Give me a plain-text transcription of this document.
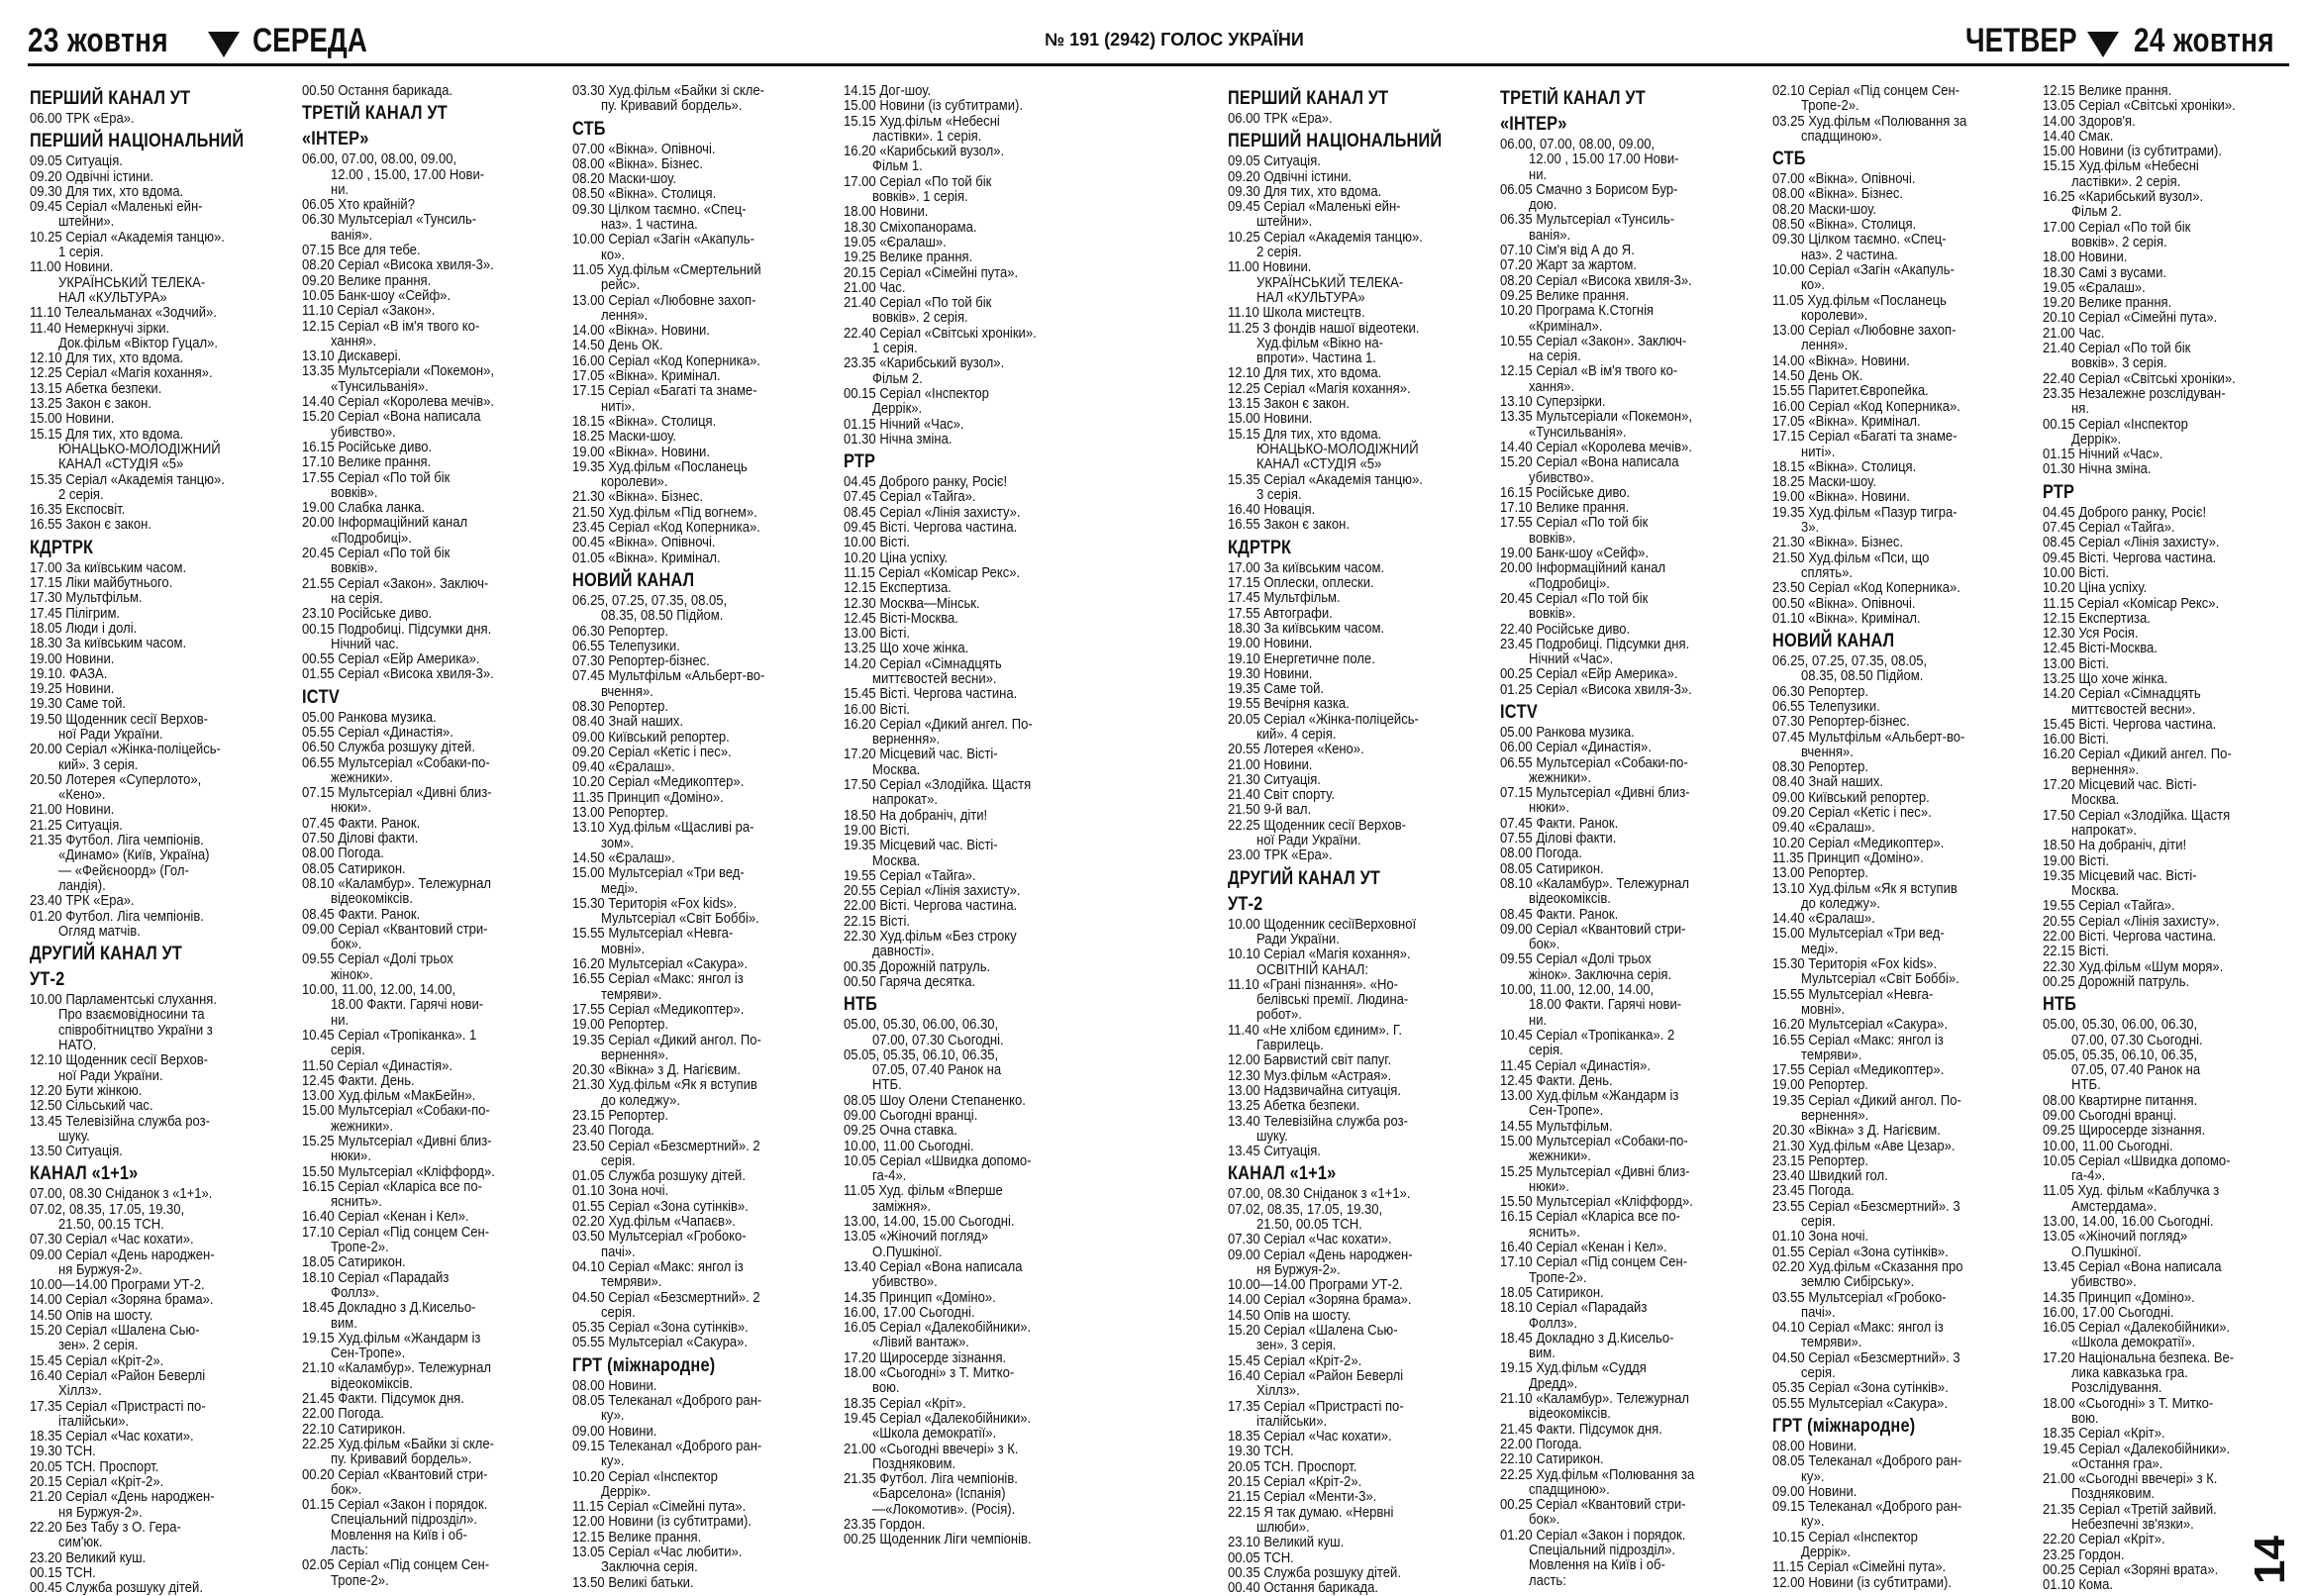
23 жовтня СЕРЕДА	№ 191 (2942) ГОЛОС УКРАЇНИ	ЧЕТВЕР 24 жовтня
ПЕРШИЙ КАНАЛ УТ
06.00 ТРК «Ера».
ПЕРШИЙ НАЦІОНАЛЬНИЙ
09.05 Ситуація.
09.20 Одвічні істини.
09.30 Для тих, хто вдома.
09.45 Серіал «Маленькі ейн-
штейни».
10.25 Серіал «Академія танцю».
1 серія.
11.00 Новини.
УКРАЇНСЬКИЙ ТЕЛЕКА-
НАЛ «КУЛЬТУРА»
11.10 Телеальманах «Зодчий».
11.40 Немеркнучі зірки.
Док.фільм «Віктор Гуцал».
12.10 Для тих, хто вдома.
12.25 Серіал «Магія кохання».
13.15 Абетка безпеки.
13.25 Закон є закон.
15.00 Новини.
15.15 Для тих, хто вдома.
ЮНАЦЬКО-МОЛОДІЖНИЙ
КАНАЛ «СТУДІЯ «5»
15.35 Серіал «Академія танцю».
2 серія.
16.35 Експосвіт.
16.55 Закон є закон.
КДРТРК
17.00 За київським часом.
17.15 Ліки майбутнього.
17.30 Мультфільм.
17.45 Пілігрим.
18.05 Люди і долі.
18.30 За київським часом.
19.00 Новини.
19.10. ФАЗА.
19.25 Новини.
19.30 Саме той.
19.50 Щоденник сесії Верхов-
ної Ради України.
20.00 Серіал «Жінка-поліцейсь-
кий». 3 серія.
20.50 Лотерея «Суперлото»,
«Кено».
21.00 Новини.
21.25 Ситуація.
21.35 Футбол. Ліга чемпіонів.
«Динамо» (Київ, Україна)
— «Фейєноорд» (Гол-
ландія).
23.40 ТРК «Ера».
01.20 Футбол. Ліга чемпіонів.
Огляд матчів.
ДРУГИЙ КАНАЛ УТ
УТ-2
10.00 Парламентські слухання.
Про взаємовідносини та
співробітництво України з
НАТО.
12.10 Щоденник сесії Верхов-
ної Ради України.
12.20 Бути жінкою.
12.50 Сільський час.
13.45 Телевізійна служба роз-
шуку.
13.50 Ситуація.
КАНАЛ «1+1»
07.00, 08.30 Сніданок з «1+1».
07.02, 08.35, 17.05, 19.30,
21.50, 00.15 ТСН.
07.30 Серіал «Час кохати».
09.00 Серіал «День народжен-
ня Буржуя-2».
10.00—14.00 Програми УТ-2.
14.00 Серіал «Зоряна брама».
14.50 Опів на шосту.
15.20 Серіал «Шалена Сью-
зен». 2 серія.
15.45 Серіал «Кріт-2».
16.40 Серіал «Район Беверлі
Хіллз».
17.35 Серіал «Пристрасті по-
італійськи».
18.35 Серіал «Час кохати».
19.30 ТСН.
20.05 ТСН. Проспорт.
20.15 Серіал «Кріт-2».
21.20 Серіал «День народжен-
ня Буржуя-2».
22.20 Без Табу з О. Гера-
сим'юк.
23.20 Великий куш.
00.15 ТСН.
00.45 Служба розшуку дітей.
00.50 Остання барикада.
ТРЕТІЙ КАНАЛ УТ
«ІНТЕР»
06.00, 07.00, 08.00, 09.00,
12.00 , 15.00, 17.00 Нови-
ни.
06.05 Хто крайній?
06.30 Мультсеріал «Тунсиль-
ванія».
07.15 Все для тебе.
08.20 Серіал «Висока хвиля-3».
09.20 Велике прання.
10.05 Банк-шоу «Сейф».
11.10 Серіал «Закон».
12.15 Серіал «В ім'я твого ко-
хання».
13.10 Дискавері.
13.35 Мультсеріали «Покемон»,
«Тунсильванія».
14.40 Серіал «Королева мечів».
15.20 Серіал «Вона написала
убивство».
16.15 Російське диво.
17.10 Велике прання.
17.55 Серіал «По той бік
вовків».
19.00 Слабка ланка.
20.00 Інформаційний канал
«Подробиці».
20.45 Серіал «По той бік
вовків».
21.55 Серіал «Закон». Заключ-
на серія.
23.10 Російське диво.
00.15 Подробиці. Підсумки дня.
Нічний час.
00.55 Серіал «Ейр Америка».
01.55 Серіал «Висока хвиля-3».
ICTV
05.00 Ранкова музика.
05.55 Серіал «Династія».
06.50 Служба розшуку дітей.
06.55 Мультсеріал «Собаки-по-
жежники».
07.15 Мультсеріал «Дивні близ-
нюки».
07.45 Факти. Ранок.
07.50 Ділові факти.
08.00 Погода.
08.05 Сатирикон.
08.10 «Каламбур». Тележурнал
відеокоміксів.
08.45 Факти. Ранок.
09.00 Серіал «Квантовий стри-
бок».
09.55 Серіал «Долі трьох
жінок».
10.00, 11.00, 12.00, 14.00,
18.00 Факти. Гарячі нови-
ни.
10.45 Серіал «Тропіканка». 1
серія.
11.50 Серіал «Династія».
12.45 Факти. День.
13.00 Худ.фільм «МакБейн».
15.00 Мультсеріал «Собаки-по-
жежники».
15.25 Мультсеріал «Дивні близ-
нюки».
15.50 Мультсеріал «Кліффорд».
16.15 Серіал «Кларіса все по-
яснить».
16.40 Серіал «Кенан і Кел».
17.10 Серіал «Під сонцем Сен-
Тропе-2».
18.05 Сатирикон.
18.10 Серіал «Парадайз
Фоллз».
18.45 Докладно з Д.Кисельо-
вим.
19.15 Худ.фільм «Жандарм із
Сен-Тропе».
21.10 «Каламбур». Тележурнал
відеокоміксів.
21.45 Факти. Підсумок дня.
22.00 Погода.
22.10 Сатирикон.
22.25 Худ.фільм «Байки зі скле-
пу. Кривавий бордель».
00.20 Серіал «Квантовий стри-
бок».
01.15 Серіал «Закон і порядок.
Спеціальний підрозділ».
Мовлення на Київ і об-
ласть:
02.05 Серіал «Під сонцем Сен-
Тропе-2».
03.30 Худ.фільм «Байки зі скле-
пу. Кривавий бордель».
СТБ
07.00 «Вікна». Опівночі.
08.00 «Вікна». Бізнес.
08.20 Маски-шоу.
08.50 «Вікна». Столиця.
09.30 Цілком таємно. «Спец-
наз». 1 частина.
10.00 Серіал «Загін «Акапуль-
ко».
11.05 Худ.фільм «Смертельний
рейс».
13.00 Серіал «Любовне захоп-
лення».
14.00 «Вікна». Новини.
14.50 День ОК.
16.00 Серіал «Код Коперника».
17.05 «Вікна». Кримінал.
17.15 Серіал «Багаті та знаме-
ниті».
18.15 «Вікна». Столиця.
18.25 Маски-шоу.
19.00 «Вікна». Новини.
19.35 Худ.фільм «Посланець
королеви».
21.30 «Вікна». Бізнес.
21.50 Худ.фільм «Під вогнем».
23.45 Серіал «Код Коперника».
00.45 «Вікна». Опівночі.
01.05 «Вікна». Кримінал.
НОВИЙ КАНАЛ
06.25, 07.25, 07.35, 08.05,
08.35, 08.50 Підйом.
06.30 Репортер.
06.55 Телепузики.
07.30 Репортер-бізнес.
07.45 Мультфільм «Альберт-во-
вчення».
08.30 Репортер.
08.40 Знай наших.
09.00 Київський репортер.
09.20 Серіал «Кетіс і пес».
09.40 «Єралаш».
10.20 Серіал «Медикоптер».
11.35 Принцип «Доміно».
13.00 Репортер.
13.10 Худ.фільм «Щасливі ра-
зом».
14.50 «Єралаш».
15.00 Мультсеріал «Три вед-
меді».
15.30 Територія «Fox kids».
Мультсеріал «Світ Боббі».
15.55 Мультсеріал «Невга-
мовні».
16.20 Мультсеріал «Сакура».
16.55 Серіал «Макс: янгол із
темряви».
17.55 Серіал «Медикоптер».
19.00 Репортер.
19.35 Серіал «Дикий ангол. По-
вернення».
20.30 «Вікна» з Д. Нагієвим.
21.30 Худ.фільм «Як я вступив
до коледжу».
23.15 Репортер.
23.40 Погода.
23.50 Серіал «Безсмертний». 2
серія.
01.05 Служба розшуку дітей.
01.10 Зона ночі.
01.55 Серіал «Зона сутінків».
02.20 Худ.фільм «Чапаєв».
03.50 Мультсеріал «Гробоко-
пачі».
04.10 Серіал «Макс: янгол із
темряви».
04.50 Серіал «Безсмертний». 2
серія.
05.35 Серіал «Зона сутінків».
05.55 Мультсеріал «Сакура».
ГРТ (міжнародне)
08.00 Новини.
08.05 Телеканал «Доброго ран-
ку».
09.00 Новини.
09.15 Телеканал «Доброго ран-
ку».
10.20 Серіал «Інспектор
Деррік».
11.15 Серіал «Сімейні пута».
12.00 Новини (із субтитрами).
12.15 Велике прання.
13.05 Серіал «Час любити».
Заключна серія.
13.50 Великі батьки.
14.15 Дог-шоу.
15.00 Новини (із субтитрами).
15.15 Худ.фільм «Небесні
ластівки». 1 серія.
16.20 «Карибський вузол».
Фільм 1.
17.00 Серіал «По той бік
вовків». 1 серія.
18.00 Новини.
18.30 Сміхопанорама.
19.05 «Єралаш».
19.25 Велике прання.
20.15 Серіал «Сімейні пута».
21.00 Час.
21.40 Серіал «По той бік
вовків». 2 серія.
22.40 Серіал «Світські хроніки».
1 серія.
23.35 «Карибський вузол».
Фільм 2.
00.15 Серіал «Інспектор
Деррік».
01.15 Нічний «Час».
01.30 Нічна зміна.
РТР
04.45 Доброго ранку, Росіє!
07.45 Серіал «Тайга».
08.45 Серіал «Лінія захисту».
09.45 Вісті. Чергова частина.
10.00 Вісті.
10.20 Ціна успіху.
11.15 Серіал «Комісар Рекс».
12.15 Експертиза.
12.30 Москва—Мінськ.
12.45 Вісті-Москва.
13.00 Вісті.
13.25 Що хоче жінка.
14.20 Серіал «Сімнадцять
миттєвостей весни».
15.45 Вісті. Чергова частина.
16.00 Вісті.
16.20 Серіал «Дикий ангел. По-
вернення».
17.20 Місцевий час. Вісті-
Москва.
17.50 Серіал «Злодійка. Щастя
напрокат».
18.50 На добраніч, діти!
19.00 Вісті.
19.35 Місцевий час. Вісті-
Москва.
19.55 Серіал «Тайга».
20.55 Серіал «Лінія захисту».
22.00 Вісті. Чергова частина.
22.15 Вісті.
22.30 Худ.фільм «Без строку
давності».
00.35 Дорожній патруль.
00.50 Гаряча десятка.
НТБ
05.00, 05.30, 06.00, 06.30,
07.00, 07.30 Сьогодні.
05.05, 05.35, 06.10, 06.35,
07.05, 07.40 Ранок на
НТБ.
08.05 Шоу Олени Степаненко.
09.00 Сьогодні вранці.
09.25 Очна ставка.
10.00, 11.00 Сьогодні.
10.05 Серіал «Швидка допомо-
га-4».
11.05 Худ. фільм «Вперше
заміжня».
13.00, 14.00, 15.00 Сьогодні.
13.05 «Жіночий погляд»
О.Пушкіної.
13.40 Серіал «Вона написала
убивство».
14.35 Принцип «Доміно».
16.00, 17.00 Сьогодні.
16.05 Серіал «Далекобійники».
«Лівий вантаж».
17.20 Щиросерде зізнання.
18.00 «Сьогодні» з Т. Митко-
вою.
18.35 Серіал «Кріт».
19.45 Серіал «Далекобійники».
«Школа демократії».
21.00 «Сьогодні ввечері» з К.
Поздняковим.
21.35 Футбол. Ліга чемпіонів.
«Барселона» (Іспанія)
—«Локомотив». (Росія).
23.35 Гордон.
00.25 Щоденник Ліги чемпіонів.
ПЕРШИЙ КАНАЛ УТ
06.00 ТРК «Ера».
ПЕРШИЙ НАЦІОНАЛЬНИЙ
09.05 Ситуація.
09.20 Одвічні істини.
09.30 Для тих, хто вдома.
09.45 Серіал «Маленькі ейн-
штейни».
10.25 Серіал «Академія танцю».
2 серія.
11.00 Новини.
УКРАЇНСЬКИЙ ТЕЛЕКА-
НАЛ «КУЛЬТУРА»
11.10 Школа мистецтв.
11.25 3 фондів нашої відеотеки.
Худ.фільм «Вікно на-
впроти». Частина 1.
12.10 Для тих, хто вдома.
12.25 Серіал «Магія кохання».
13.15 Закон є закон.
15.00 Новини.
15.15 Для тих, хто вдома.
ЮНАЦЬКО-МОЛОДІЖНИЙ
КАНАЛ «СТУДІЯ «5»
15.35 Серіал «Академія танцю».
3 серія.
16.40 Новація.
16.55 Закон є закон.
КДРТРК
17.00 За київським часом.
17.15 Оплески, оплески.
17.45 Мультфільм.
17.55 Автографи.
18.30 За київським часом.
19.00 Новини.
19.10 Енергетичне поле.
19.30 Новини.
19.35 Саме той.
19.55 Вечірня казка.
20.05 Серіал «Жінка-поліцейсь-
кий». 4 серія.
20.55 Лотерея «Кено».
21.00 Новини.
21.30 Ситуація.
21.40 Світ спорту.
21.50 9-й вал.
22.25 Щоденник сесії Верхов-
ної Ради України.
23.00 ТРК «Ера».
ДРУГИЙ КАНАЛ УТ
УТ-2
10.00 Щоденник сесіїВерховної
Ради України.
10.10 Серіал «Магія кохання».
ОСВІТНІЙ КАНАЛ:
11.10 «Грані пізнання». «Но-
белівські премії. Людина-
робот».
11.40 «Не хлібом єдиним». Г.
Гаврилець.
12.00 Барвистий світ папуг.
12.30 Муз.фільм «Астрая».
13.00 Надзвичайна ситуація.
13.25 Абетка безпеки.
13.40 Телевізійна служба роз-
шуку.
13.45 Ситуація.
КАНАЛ «1+1»
07.00, 08.30 Сніданок з «1+1».
07.02, 08.35, 17.05, 19.30,
21.50, 00.05 ТСН.
07.30 Серіал «Час кохати».
09.00 Серіал «День народжен-
ня Буржуя-2».
10.00—14.00 Програми УТ-2.
14.00 Серіал «Зоряна брама».
14.50 Опів на шосту.
15.20 Серіал «Шалена Сью-
зен». 3 серія.
15.45 Серіал «Кріт-2».
16.40 Серіал «Район Беверлі
Хіллз».
17.35 Серіал «Пристрасті по-
італійськи».
18.35 Серіал «Час кохати».
19.30 ТСН.
20.05 ТСН. Проспорт.
20.15 Серіал «Кріт-2».
21.15 Серіал «Менти-3».
22.15 Я так думаю. «Нервні
шлюби».
23.10 Великий куш.
00.05 ТСН.
00.35 Служба розшуку дітей.
00.40 Остання барикада.
ТРЕТІЙ КАНАЛ УТ
«ІНТЕР»
06.00, 07.00, 08.00, 09.00,
12.00 , 15.00 17.00 Нови-
ни.
06.05 Смачно з Борисом Бур-
дою.
06.35 Мультсеріал «Тунсиль-
ванія».
07.10 Сім'я від А до Я.
07.20 Жарт за жартом.
08.20 Серіал «Висока хвиля-3».
09.25 Велике прання.
10.20 Програма К.Стогнія
«Кримінал».
10.55 Серіал «Закон». Заключ-
на серія.
12.15 Серіал «В ім'я твого ко-
хання».
13.10 Суперзірки.
13.35 Мультсеріали «Покемон»,
«Тунсильванія».
14.40 Серіал «Королева мечів».
15.20 Серіал «Вона написала
убивство».
16.15 Російське диво.
17.10 Велике прання.
17.55 Серіал «По той бік
вовків».
19.00 Банк-шоу «Сейф».
20.00 Інформаційний канал
«Подробиці».
20.45 Серіал «По той бік
вовків».
22.40 Російське диво.
23.45 Подробиці. Підсумки дня.
Нічний «Час».
00.25 Серіал «Ейр Америка».
01.25 Серіал «Висока хвиля-3».
ICTV
05.00 Ранкова музика.
06.00 Серіал «Династія».
06.55 Мультсеріал «Собаки-по-
жежники».
07.15 Мультсеріал «Дивні близ-
нюки».
07.45 Факти. Ранок.
07.55 Ділові факти.
08.00 Погода.
08.05 Сатирикон.
08.10 «Каламбур». Тележурнал
відеокоміксів.
08.45 Факти. Ранок.
09.00 Серіал «Квантовий стри-
бок».
09.55 Серіал «Долі трьох
жінок». Заключна серія.
10.00, 11.00, 12.00, 14.00,
18.00 Факти. Гарячі нови-
ни.
10.45 Серіал «Тропіканка». 2
серія.
11.45 Серіал «Династія».
12.45 Факти. День.
13.00 Худ.фільм «Жандарм із
Сен-Тропе».
14.55 Мультфільм.
15.00 Мультсеріал «Собаки-по-
жежники».
15.25 Мультсеріал «Дивні близ-
нюки».
15.50 Мультсеріал «Кліффорд».
16.15 Серіал «Кларіса все по-
яснить».
16.40 Серіал «Кенан і Кел».
17.10 Серіал «Під сонцем Сен-
Тропе-2».
18.05 Сатирикон.
18.10 Серіал «Парадайз
Фоллз».
18.45 Докладно з Д.Кисельо-
вим.
19.15 Худ.фільм «Суддя
Дредд».
21.10 «Каламбур». Тележурнал
відеокоміксів.
21.45 Факти. Підсумок дня.
22.00 Погода.
22.10 Сатирикон.
22.25 Худ.фільм «Полювання за
спадщиною».
00.25 Серіал «Квантовий стри-
бок».
01.20 Серіал «Закон і порядок.
Спеціальний підрозділ».
Мовлення на Київ і об-
ласть:
02.10 Серіал «Під сонцем Сен-
Тропе-2».
03.25 Худ.фільм «Полювання за
спадщиною».
СТБ
07.00 «Вікна». Опівночі.
08.00 «Вікна». Бізнес.
08.20 Маски-шоу.
08.50 «Вікна». Столиця.
09.30 Цілком таємно. «Спец-
наз». 2 частина.
10.00 Серіал «Загін «Акапуль-
ко».
11.05 Худ.фільм «Посланець
королеви».
13.00 Серіал «Любовне захоп-
лення».
14.00 «Вікна». Новини.
14.50 День ОК.
15.55 Паритет.Європейка.
16.00 Серіал «Код Коперника».
17.05 «Вікна». Кримінал.
17.15 Серіал «Багаті та знаме-
ниті».
18.15 «Вікна». Столиця.
18.25 Маски-шоу.
19.00 «Вікна». Новини.
19.35 Худ.фільм «Пазур тигра-
3».
21.30 «Вікна». Бізнес.
21.50 Худ.фільм «Пси, що
сплять».
23.50 Серіал «Код Коперника».
00.50 «Вікна». Опівночі.
01.10 «Вікна». Кримінал.
НОВИЙ КАНАЛ
06.25, 07.25, 07.35, 08.05,
08.35, 08.50 Підйом.
06.30 Репортер.
06.55 Телепузики.
07.30 Репортер-бізнес.
07.45 Мультфільм «Альберт-во-
вчення».
08.30 Репортер.
08.40 Знай наших.
09.00 Київський репортер.
09.20 Серіал «Кетіс і пес».
09.40 «Єралаш».
10.20 Серіал «Медикоптер».
11.35 Принцип «Доміно».
13.00 Репортер.
13.10 Худ.фільм «Як я вступив
до коледжу».
14.40 «Єралаш».
15.00 Мультсеріал «Три вед-
меді».
15.30 Територія «Fox kids».
Мультсеріал «Світ Боббі».
15.55 Мультсеріал «Невга-
мовні».
16.20 Мультсеріал «Сакура».
16.55 Серіал «Макс: янгол із
темряви».
17.55 Серіал «Медикоптер».
19.00 Репортер.
19.35 Серіал «Дикий ангол. По-
вернення».
20.30 «Вікна» з Д. Нагієвим.
21.30 Худ.фільм «Аве Цезар».
23.15 Репортер.
23.40 Швидкий гол.
23.45 Погода.
23.55 Серіал «Безсмертний». 3
серія.
01.10 Зона ночі.
01.55 Серіал «Зона сутінків».
02.20 Худ.фільм «Сказання про
землю Сибірську».
03.55 Мультсеріал «Гробоко-
пачі».
04.10 Серіал «Макс: янгол із
темряви».
04.50 Серіал «Безсмертний». 3
серія.
05.35 Серіал «Зона сутінків».
05.55 Мультсеріал «Сакура».
ГРТ (міжнародне)
08.00 Новини.
08.05 Телеканал «Доброго ран-
ку».
09.00 Новини.
09.15 Телеканал «Доброго ран-
ку».
10.15 Серіал «Інспектор
Деррік».
11.15 Серіал «Сімейні пута».
12.00 Новини (із субтитрами).
12.15 Велике прання.
13.05 Серіал «Світські хроніки».
14.00 Здоров'я.
14.40 Смак.
15.00 Новини (із субтитрами).
15.15 Худ.фільм «Небесні
ластівки». 2 серія.
16.25 «Карибський вузол».
Фільм 2.
17.00 Серіал «По той бік
вовків». 2 серія.
18.00 Новини.
18.30 Самі з вусами.
19.05 «Єралаш».
19.20 Велике прання.
20.10 Серіал «Сімейні пута».
21.00 Час.
21.40 Серіал «По той бік
вовків». 3 серія.
22.40 Серіал «Світські хроніки».
23.35 Незалежне розслідуван-
ня.
00.15 Серіал «Інспектор
Деррік».
01.15 Нічний «Час».
01.30 Нічна зміна.
РТР
04.45 Доброго ранку, Росіє!
07.45 Серіал «Тайга».
08.45 Серіал «Лінія захисту».
09.45 Вісті. Чергова частина.
10.00 Вісті.
10.20 Ціна успіху.
11.15 Серіал «Комісар Рекс».
12.15 Експертиза.
12.30 Уся Росія.
12.45 Вісті-Москва.
13.00 Вісті.
13.25 Що хоче жінка.
14.20 Серіал «Сімнадцять
миттєвостей весни».
15.45 Вісті. Чергова частина.
16.00 Вісті.
16.20 Серіал «Дикий ангел. По-
вернення».
17.20 Місцевий час. Вісті-
Москва.
17.50 Серіал «Злодійка. Щастя
напрокат».
18.50 На добраніч, діти!
19.00 Вісті.
19.35 Місцевий час. Вісті-
Москва.
19.55 Серіал «Тайга».
20.55 Серіал «Лінія захисту».
22.00 Вісті. Чергова частина.
22.15 Вісті.
22.30 Худ.фільм «Шум моря».
00.25 Дорожній патруль.
НТБ
05.00, 05.30, 06.00, 06.30,
07.00, 07.30 Сьогодні.
05.05, 05.35, 06.10, 06.35,
07.05, 07.40 Ранок на
НТБ.
08.00 Квартирне питання.
09.00 Сьогодні вранці.
09.25 Щиросерде зізнання.
10.00, 11.00 Сьогодні.
10.05 Серіал «Швидка допомо-
га-4».
11.05 Худ. фільм «Каблучка з
Амстердама».
13.00, 14.00, 16.00 Сьогодні.
13.05 «Жіночий погляд»
О.Пушкіної.
13.45 Серіал «Вона написала
убивство».
14.35 Принцип «Доміно».
16.00, 17.00 Сьогодні.
16.05 Серіал «Далекобійники».
«Школа демократії».
17.20 Національна безпека. Ве-
лика кавказька гра.
Розслідування.
18.00 «Сьогодні» з Т. Митко-
вою.
18.35 Серіал «Кріт».
19.45 Серіал «Далекобійники».
«Остання гра».
21.00 «Сьогодні ввечері» з К.
Поздняковим.
21.35 Серіал «Третій зайвий.
Небезпечні зв'язки».
22.20 Серіал «Кріт».
23.25 Гордон.
00.25 Серіал «Зоряні врата».
01.10 Кома.
14
